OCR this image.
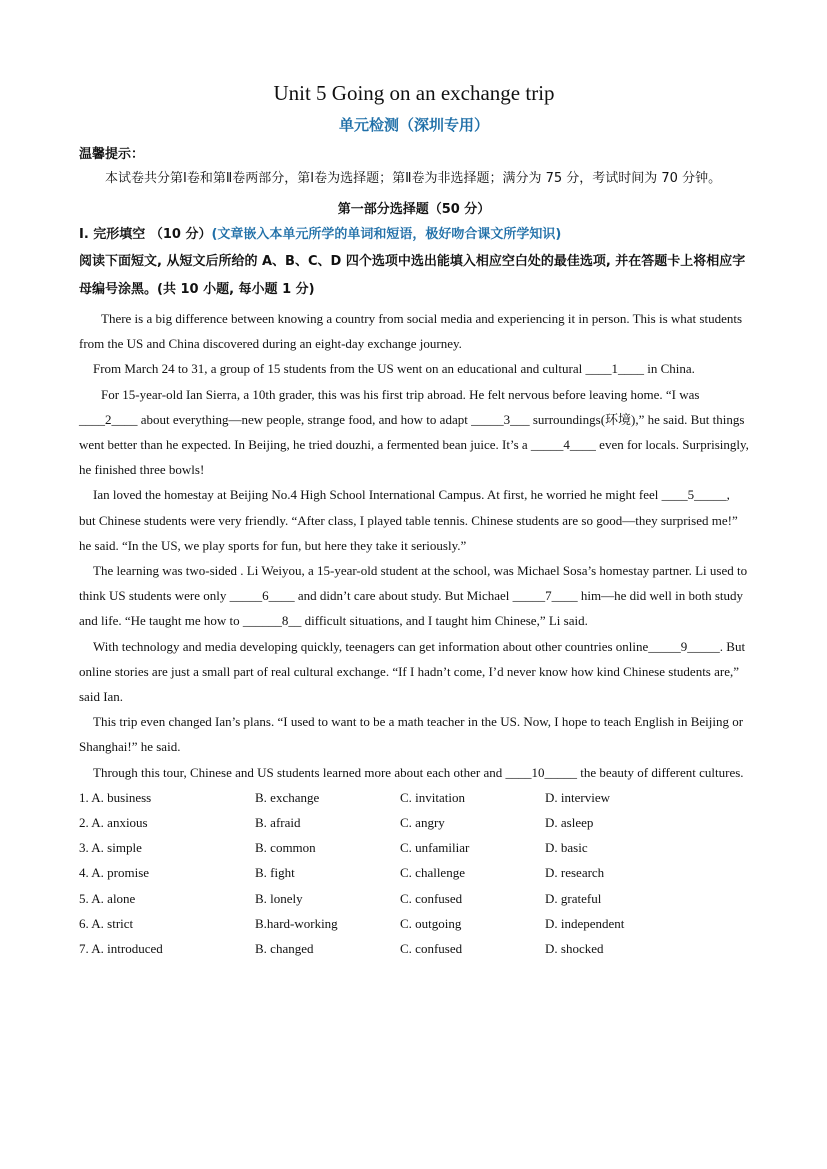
Unit 5 Going on an exchange trip
单元检测（深圳专用）

温馨提示：

本试卷共分第Ⅰ卷和第Ⅱ卷两部分，第Ⅰ卷为选择题；第Ⅱ卷为非选择题；满分为 75 分，考试时间为 70 分钟。

第一部分选择题（50 分）

I. 完形填空 （10 分）(文章嵌入本单元所学的单词和短语，极好吻合课文所学知识)

阅读下面短文, 从短文后所给的 A、B、C、D 四个选项中选出能填入相应空白处的最佳选项, 并在答题卡上将相应字母编号涂黑。(共 10 小题, 每小题 1 分)

There is a big difference between knowing a country from social media and experiencing it in person. This is what students from the US and China discovered during an eight-day exchange journey.

From March 24 to 31, a group of 15 students from the US went on an educational and cultural ____1____ in China.

For 15-year-old Ian Sierra, a 10th grader, this was his first trip abroad. He felt nervous before leaving home. “I was ____2____ about everything—new people, strange food, and how to adapt _____3___ surroundings(环境),” he said. But things went better than he expected. In Beijing, he tried douzhi, a fermented bean juice. It’s a _____4____ even for locals. Surprisingly, he finished three bowls!

Ian loved the homestay at Beijing No.4 High School International Campus. At first, he worried he might feel ____5_____, but Chinese students were very friendly. “After class, I played table tennis. Chinese students are so good—they surprised me!” he said. “In the US, we play sports for fun, but here they take it seriously.”

The learning was two-sided . Li Weiyou, a 15-year-old student at the school, was Michael Sosa’s homestay partner. Li used to think US students were only _____6____ and didn’t care about study. But Michael _____7____ him—he did well in both study and life. “He taught me how to ______8__ difficult situations, and I taught him Chinese,” Li said.

With technology and media developing quickly, teenagers can get information about other countries online_____9_____. But online stories are just a small part of real cultural exchange. “If I hadn’t come, I’d never know how kind Chinese students are,” said Ian.

This trip even changed Ian’s plans. “I used to want to be a math teacher in the US. Now, I hope to teach English in Beijing or Shanghai!” he said.

Through this tour, Chinese and US students learned more about each other and ____10_____ the beauty of different cultures.

1. A. business	B. exchange	C. invitation	D. interview
2. A. anxious	B. afraid	C. angry	D. asleep
3. A. simple	B. common	C. unfamiliar	D. basic
4. A. promise	B. fight	C. challenge	D. research
5. A. alone	B. lonely	C. confused	D. grateful
6. A. strict	B.hard-working	C. outgoing	D. independent
7. A. introduced	B. changed	C. confused	D. shocked
